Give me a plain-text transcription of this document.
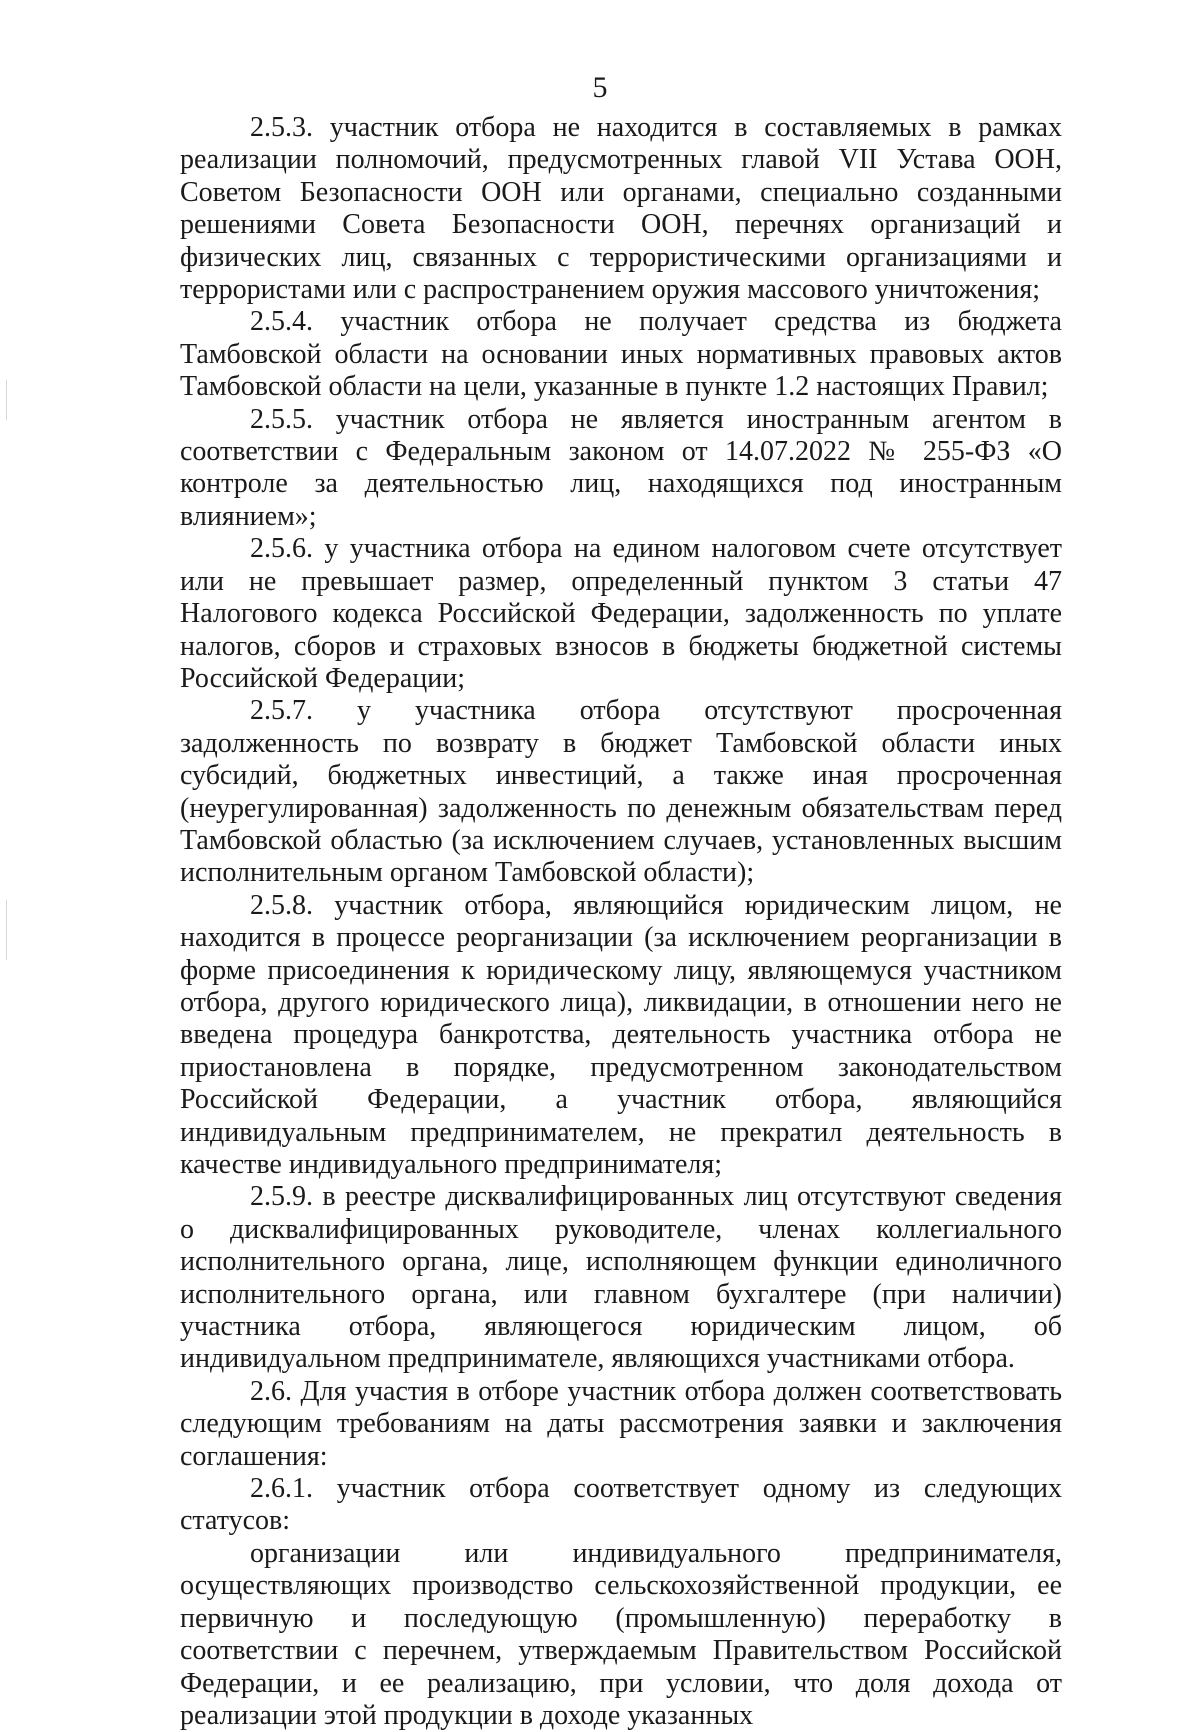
5

2.5.3. участник отбора не находится в составляемых в рамках реализации полномочий, предусмотренных главой VII Устава ООН, Советом Безопасности ООН или органами, специально созданными решениями Совета Безопасности ООН, перечнях организаций и физических лиц, связанных с террористическими организациями и террористами или с распространением оружия массового уничтожения;

2.5.4. участник отбора не получает средства из бюджета Тамбовской области на основании иных нормативных правовых актов Тамбовской области на цели, указанные в пункте 1.2 настоящих Правил;

2.5.5. участник отбора не является иностранным агентом в соответствии с Федеральным законом от 14.07.2022 № 255-ФЗ «О контроле за деятельностью лиц, находящихся под иностранным влиянием»;

2.5.6. у участника отбора на едином налоговом счете отсутствует или не превышает размер, определенный пунктом 3 статьи 47 Налогового кодекса Российской Федерации, задолженность по уплате налогов, сборов и страховых взносов в бюджеты бюджетной системы Российской Федерации;

2.5.7. у участника отбора отсутствуют просроченная задолженность по возврату в бюджет Тамбовской области иных субсидий, бюджетных инвестиций, а также иная просроченная (неурегулированная) задолженность по денежным обязательствам перед Тамбовской областью (за исключением случаев, установленных высшим исполнительным органом Тамбовской области);

2.5.8. участник отбора, являющийся юридическим лицом, не находится в процессе реорганизации (за исключением реорганизации в форме присоединения к юридическому лицу, являющемуся участником отбора, другого юридического лица), ликвидации, в отношении него не введена процедура банкротства, деятельность участника отбора не приостановлена в порядке, предусмотренном законодательством Российской Федерации, а участник отбора, являющийся индивидуальным предпринимателем, не прекратил деятельность в качестве индивидуального предпринимателя;

2.5.9. в реестре дисквалифицированных лиц отсутствуют сведения о дисквалифицированных руководителе, членах коллегиального исполнительного органа, лице, исполняющем функции единоличного исполнительного органа, или главном бухгалтере (при наличии) участника отбора, являющегося юридическим лицом, об индивидуальном предпринимателе, являющихся участниками отбора.

2.6. Для участия в отборе участник отбора должен соответствовать следующим требованиям на даты рассмотрения заявки и заключения соглашения:

2.6.1. участник отбора соответствует одному из следующих статусов:

организации или индивидуального предпринимателя, осуществляющих производство сельскохозяйственной продукции, ее первичную и последующую (промышленную) переработку в соответствии с перечнем, утверждаемым Правительством Российской Федерации, и ее реализацию, при условии, что доля дохода от реализации этой продукции в доходе указанных
